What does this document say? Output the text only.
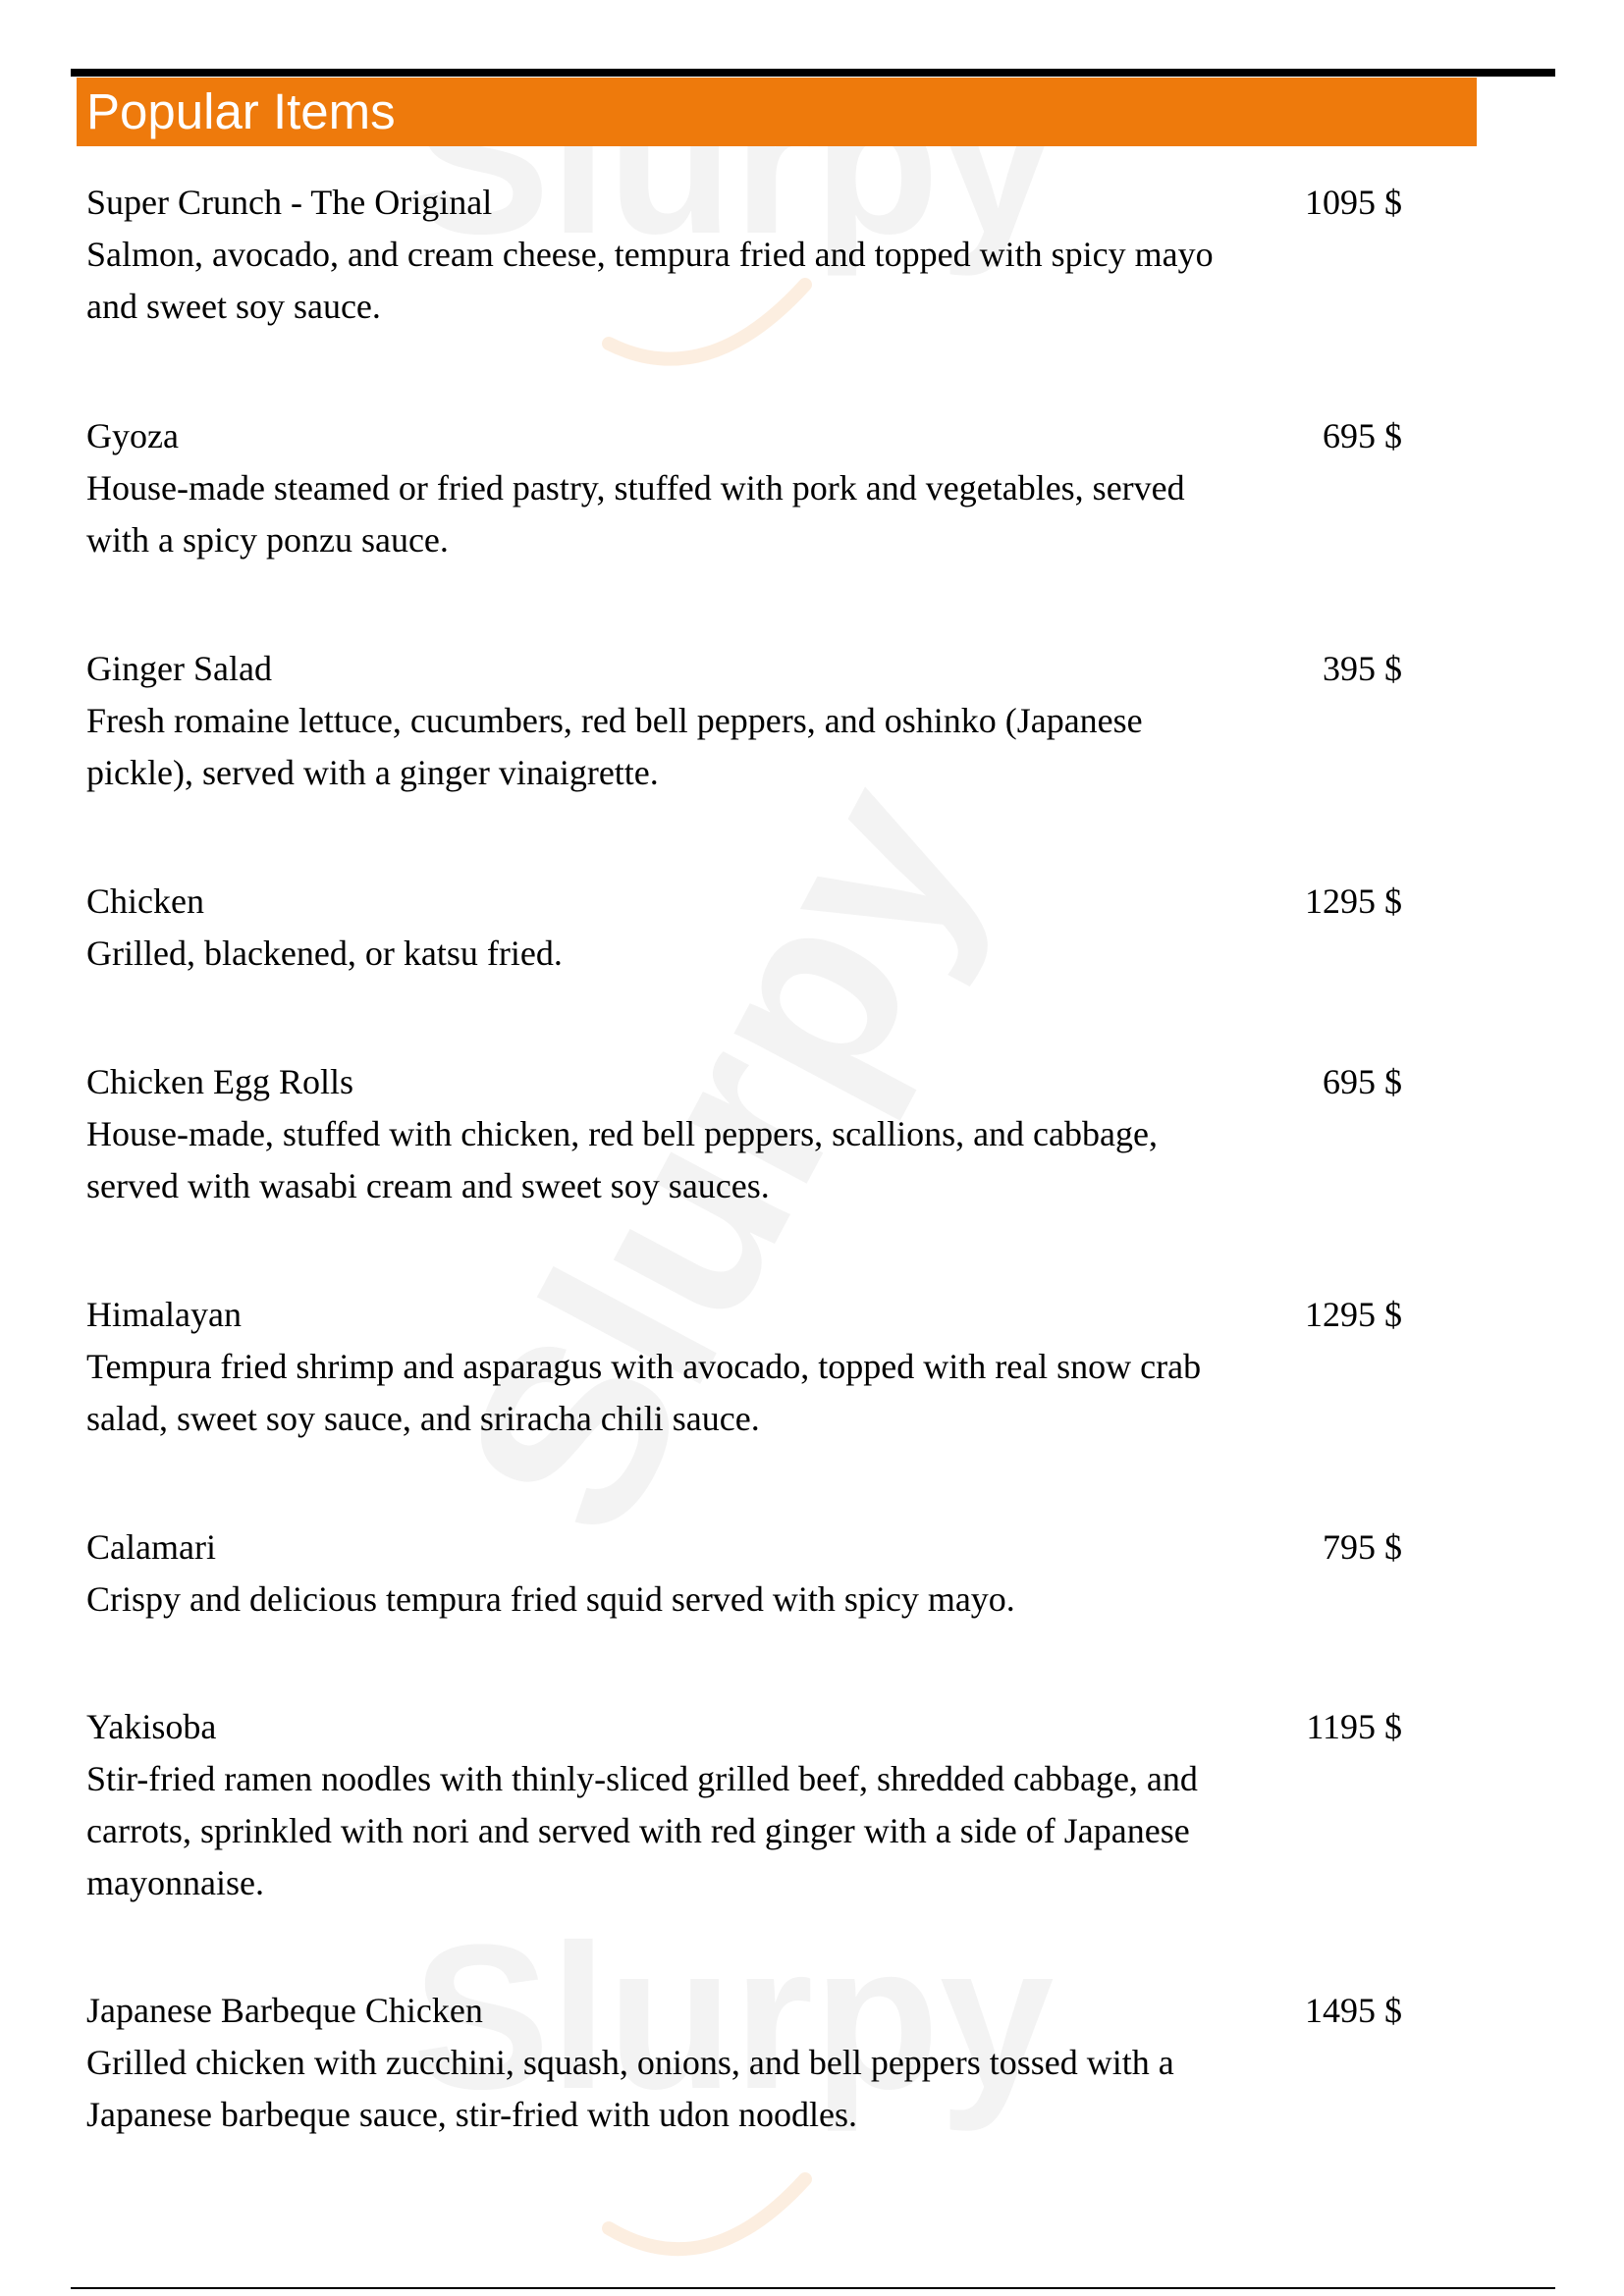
Popular Items
Super Crunch - The Original	1095 $
Salmon, avocado, and cream cheese, tempura fried and topped with spicy mayo and sweet soy sauce.
Gyoza	695 $
House-made steamed or fried pastry, stuffed with pork and vegetables, served with a spicy ponzu sauce.
Ginger Salad	395 $
Fresh romaine lettuce, cucumbers, red bell peppers, and oshinko (Japanese pickle), served with a ginger vinaigrette.
Chicken	1295 $
Grilled, blackened, or katsu fried.
Chicken Egg Rolls	695 $
House-made, stuffed with chicken, red bell peppers, scallions, and cabbage, served with wasabi cream and sweet soy sauces.
Himalayan	1295 $
Tempura fried shrimp and asparagus with avocado, topped with real snow crab salad, sweet soy sauce, and sriracha chili sauce.
Calamari	795 $
Crispy and delicious tempura fried squid served with spicy mayo.
Yakisoba	1195 $
Stir-fried ramen noodles with thinly-sliced grilled beef, shredded cabbage, and carrots, sprinkled with nori and served with red ginger with a side of Japanese mayonnaise.
Japanese Barbeque Chicken	1495 $
Grilled chicken with zucchini, squash, onions, and bell peppers tossed with a Japanese barbeque sauce, stir-fried with udon noodles.
